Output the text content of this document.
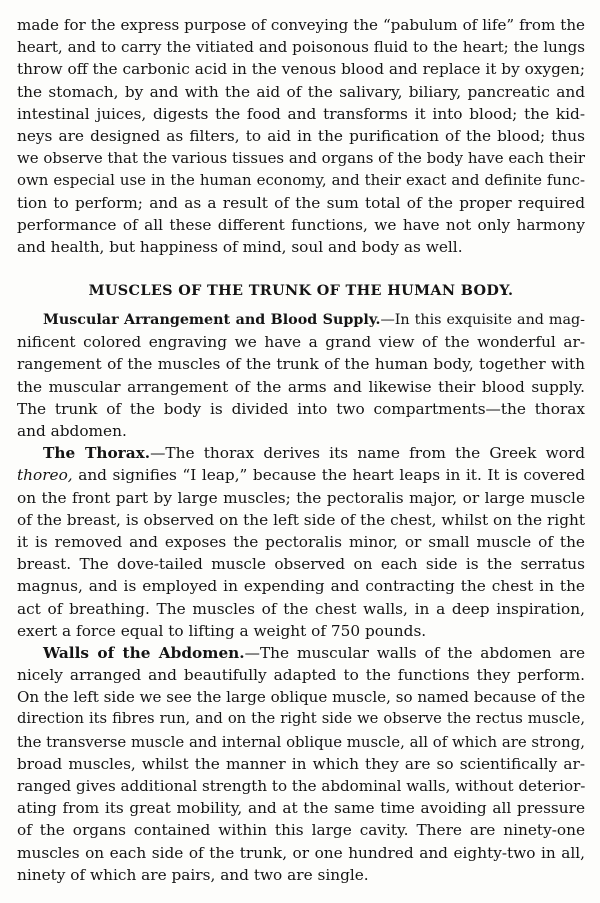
made for the express purpose of conveying the “pabulum of life” from the
heart, and to carry the vitiated and poisonous fluid to the heart; the lungs
throw off the carbonic acid in the venous blood and replace it by oxygen;
the stomach, by and with the aid of the salivary, biliary, pancreatic and
intestinal juices, digests the food and transforms it into blood; the kid-
neys are designed as filters, to aid in the purification of the blood; thus
we observe that the various tissues and organs of the body have each their
own especial use in the human economy, and their exact and definite func-
tion to perform; and as a result of the sum total of the proper required
performance of all these different functions, we have not only harmony
and health, but happiness of mind, soul and body as well.
MUSCLES OF THE TRUNK OF THE HUMAN BODY.
Muscular Arrangement and Blood Supply.—In this exquisite and mag-
nificent colored engraving we have a grand view of the wonderful ar-
rangement of the muscles of the trunk of the human body, together with
the muscular arrangement of the arms and likewise their blood supply.
The trunk of the body is divided into two compartments—the thorax
and abdomen.
The Thorax.—The thorax derives its name from the Greek word
thoreo, and signifies “I leap,” because the heart leaps in it. It is covered
on the front part by large muscles; the pectoralis major, or large muscle
of the breast, is observed on the left side of the chest, whilst on the right
it is removed and exposes the pectoralis minor, or small muscle of the
breast. The dove-tailed muscle observed on each side is the serratus
magnus, and is employed in expending and contracting the chest in the
act of breathing. The muscles of the chest walls, in a deep inspiration,
exert a force equal to lifting a weight of 750 pounds.
Walls of the Abdomen.—The muscular walls of the abdomen are
nicely arranged and beautifully adapted to the functions they perform.
On the left side we see the large oblique muscle, so named because of the
direction its fibres run, and on the right side we observe the rectus muscle,
the transverse muscle and internal oblique muscle, all of which are strong,
broad muscles, whilst the manner in which they are so scientifically ar-
ranged gives additional strength to the abdominal walls, without deterior-
ating from its great mobility, and at the same time avoiding all pressure
of the organs contained within this large cavity. There are ninety-one
muscles on each side of the trunk, or one hundred and eighty-two in all,
ninety of which are pairs, and two are single.
